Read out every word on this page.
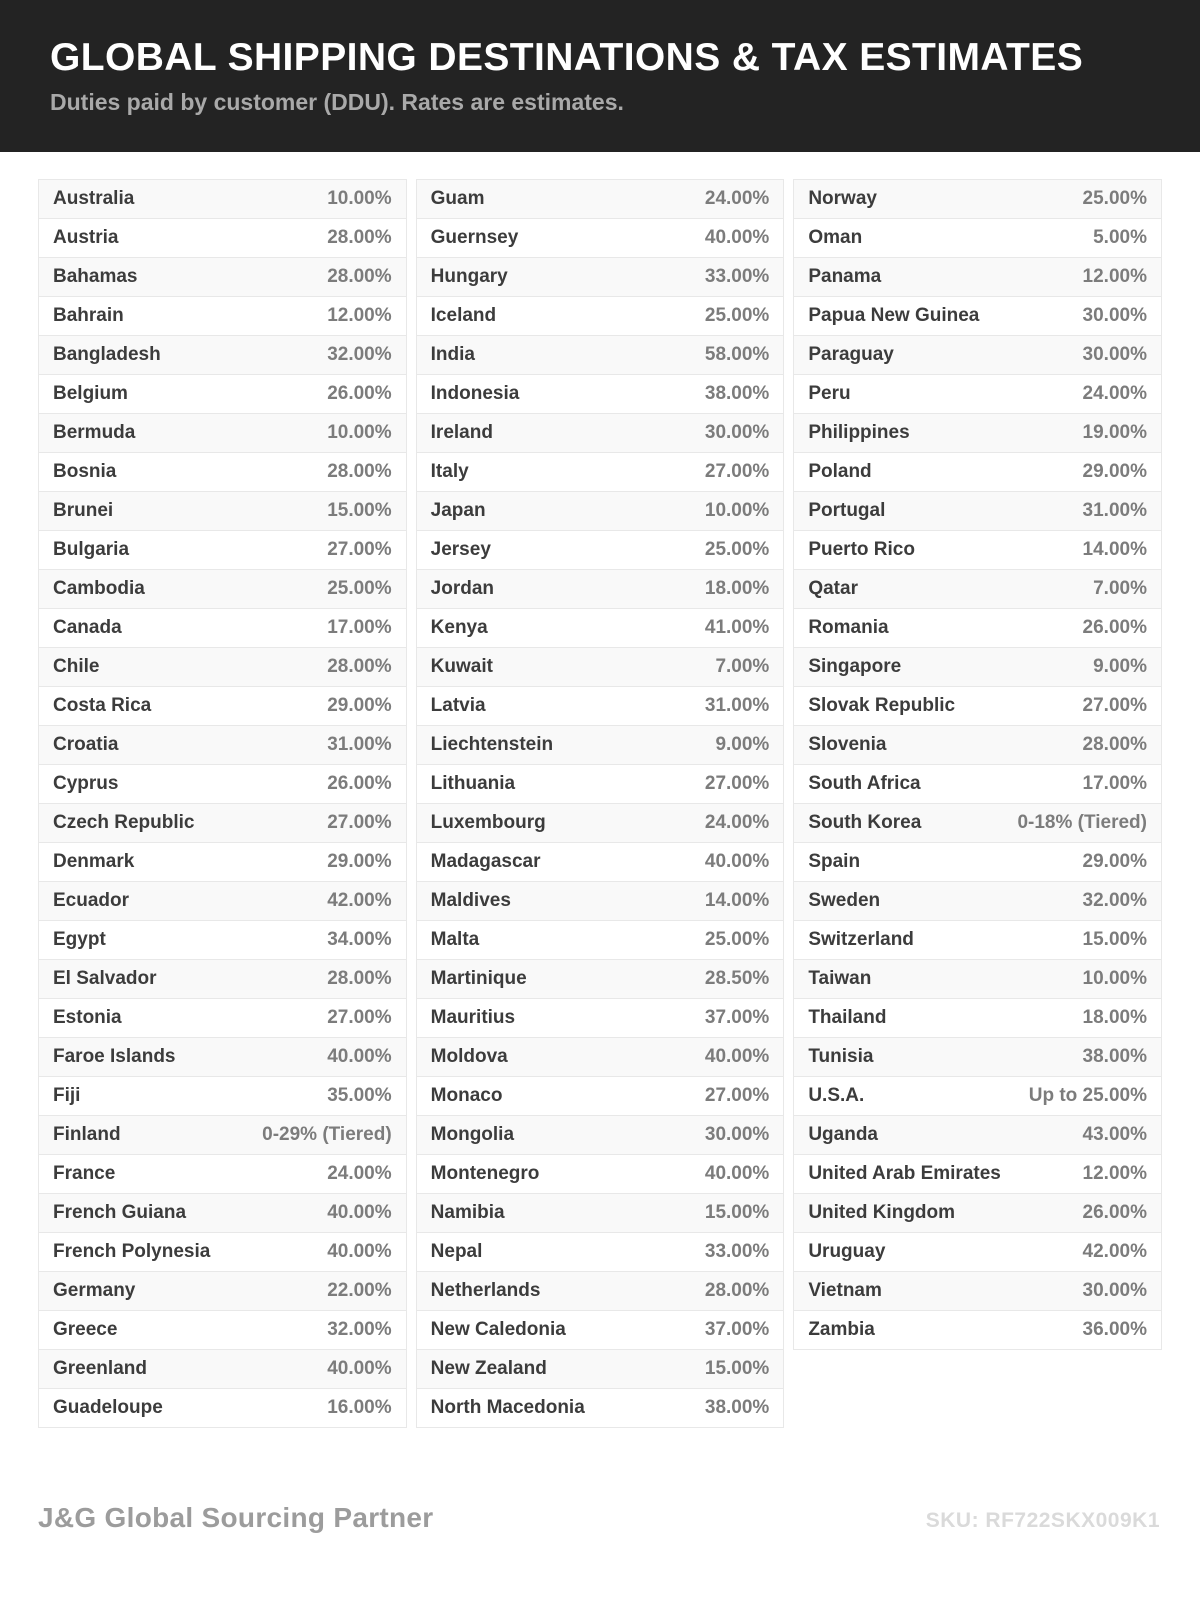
GLOBAL SHIPPING DESTINATIONS & TAX ESTIMATES
Duties paid by customer (DDU). Rates are estimates.
Australia	10.00%
Austria	28.00%
Bahamas	28.00%
Bahrain	12.00%
Bangladesh	32.00%
Belgium	26.00%
Bermuda	10.00%
Bosnia	28.00%
Brunei	15.00%
Bulgaria	27.00%
Cambodia	25.00%
Canada	17.00%
Chile	28.00%
Costa Rica	29.00%
Croatia	31.00%
Cyprus	26.00%
Czech Republic	27.00%
Denmark	29.00%
Ecuador	42.00%
Egypt	34.00%
El Salvador	28.00%
Estonia	27.00%
Faroe Islands	40.00%
Fiji	35.00%
Finland	0-29% (Tiered)
France	24.00%
French Guiana	40.00%
French Polynesia	40.00%
Germany	22.00%
Greece	32.00%
Greenland	40.00%
Guadeloupe	16.00%
Guam	24.00%
Guernsey	40.00%
Hungary	33.00%
Iceland	25.00%
India	58.00%
Indonesia	38.00%
Ireland	30.00%
Italy	27.00%
Japan	10.00%
Jersey	25.00%
Jordan	18.00%
Kenya	41.00%
Kuwait	7.00%
Latvia	31.00%
Liechtenstein	9.00%
Lithuania	27.00%
Luxembourg	24.00%
Madagascar	40.00%
Maldives	14.00%
Malta	25.00%
Martinique	28.50%
Mauritius	37.00%
Moldova	40.00%
Monaco	27.00%
Mongolia	30.00%
Montenegro	40.00%
Namibia	15.00%
Nepal	33.00%
Netherlands	28.00%
New Caledonia	37.00%
New Zealand	15.00%
North Macedonia	38.00%
Norway	25.00%
Oman	5.00%
Panama	12.00%
Papua New Guinea	30.00%
Paraguay	30.00%
Peru	24.00%
Philippines	19.00%
Poland	29.00%
Portugal	31.00%
Puerto Rico	14.00%
Qatar	7.00%
Romania	26.00%
Singapore	9.00%
Slovak Republic	27.00%
Slovenia	28.00%
South Africa	17.00%
South Korea	0-18% (Tiered)
Spain	29.00%
Sweden	32.00%
Switzerland	15.00%
Taiwan	10.00%
Thailand	18.00%
Tunisia	38.00%
U.S.A.	Up to 25.00%
Uganda	43.00%
United Arab Emirates	12.00%
United Kingdom	26.00%
Uruguay	42.00%
Vietnam	30.00%
Zambia	36.00%
J&G Global Sourcing Partner	SKU: RF722SKX009K1
